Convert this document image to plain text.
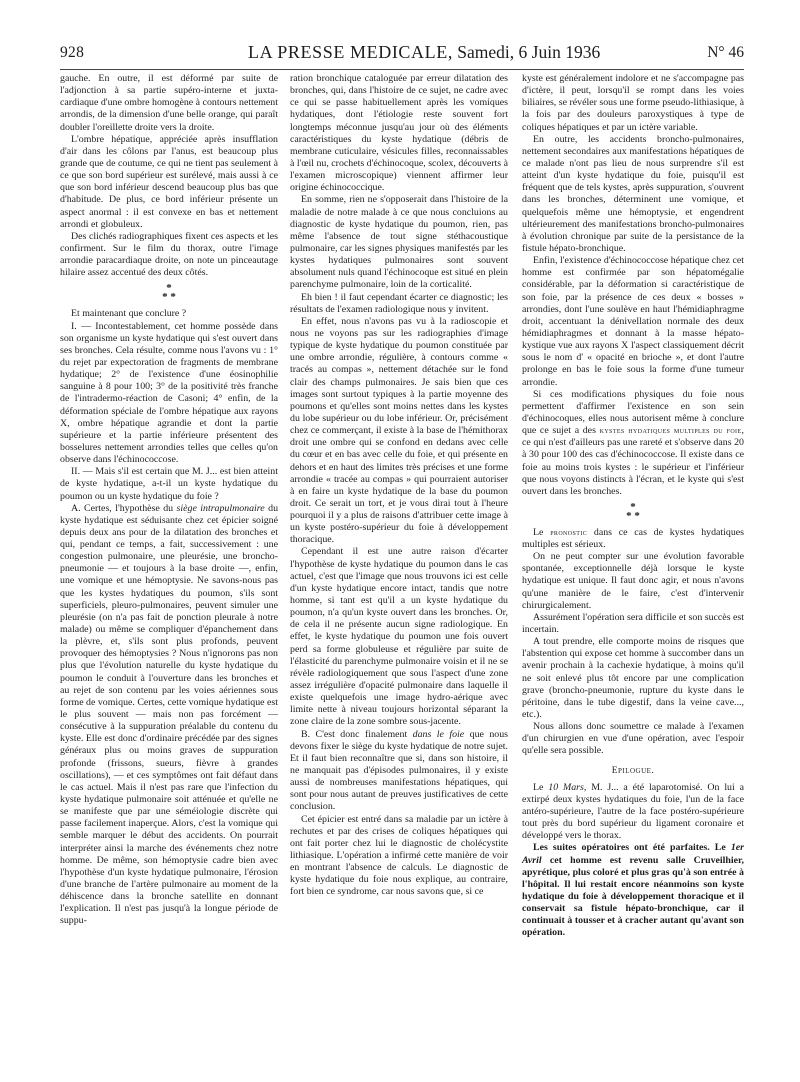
928	LA PRESSE MEDICALE, Samedi, 6 Juin 1936	N° 46

gauche. En outre, il est déformé par suite de l'adjonction à sa partie supéro-interne et juxta-cardiaque d'une ombre homogène à contours nettement arrondis, de la dimension d'une belle orange, qui paraît doubler l'oreillette droite vers la droite.

L'ombre hépatique, appréciée après insufflation d'air dans les côlons par l'anus, est beaucoup plus grande que de coutume, ce qui ne tient pas seulement à ce que son bord supérieur est surélevé, mais aussi à ce que son bord inférieur descend beaucoup plus bas que d'habitude. De plus, ce bord inférieur présente un aspect anormal : il est convexe en bas et nettement arrondi et globuleux.

Des clichés radiographiques fixent ces aspects et les confirment. Sur le film du thorax, outre l'image arrondie paracardiaque droite, on note un pinceautage hilaire assez accentué des deux côtés.

*
* *

Et maintenant que conclure ?

I. — Incontestablement, cet homme possède dans son organisme un kyste hydatique qui s'est ouvert dans ses bronches. Cela résulte, comme nous l'avons vu : 1° du rejet par expectoration de fragments de membrane hydatique; 2° de l'existence d'une éosinophilie sanguine à 8 pour 100; 3° de la positivité très franche de l'intradermo-réaction de Casoni; 4° enfin, de la déformation spéciale de l'ombre hépatique aux rayons X, ombre hépatique agrandie et dont la partie supérieure et la partie inférieure présentent des bosselures nettement arrondies telles que celles qu'on observe dans l'échinococcose.

II. — Mais s'il est certain que M. J... est bien atteint de kyste hydatique, a-t-il un kyste hydatique du poumon ou un kyste hydatique du foie ?

A. Certes, l'hypothèse du siège intrapulmonaire du kyste hydatique est séduisante chez cet épicier soigné depuis deux ans pour de la dilatation des bronches et qui, pendant ce temps, a fait, successivement : une congestion pulmonaire, une pleurésie, une broncho-pneumonie — et toujours à la base droite —, enfin, une vomique et une hémoptysie. Ne savons-nous pas que les kystes hydatiques du poumon, s'ils sont superficiels, pleuro-pulmonaires, peuvent simuler une pleurésie (on n'a pas fait de ponction pleurale à notre malade) ou même se compliquer d'épanchement dans la plèvre, et, s'ils sont plus profonds, peuvent provoquer des hémoptysies ? Nous n'ignorons pas non plus que l'évolution naturelle du kyste hydatique du poumon le conduit à l'ouverture dans les bronches et au rejet de son contenu par les voies aériennes sous forme de vomique. Certes, cette vomique hydatique est le plus souvent — mais non pas forcément — consécutive à la suppuration préalable du contenu du kyste. Elle est donc d'ordinaire précédée par des signes généraux plus ou moins graves de suppuration profonde (frissons, sueurs, fièvre à grandes oscillations), — et ces symptômes ont fait défaut dans le cas actuel. Mais il n'est pas rare que l'infection du kyste hydatique pulmonaire soit atténuée et qu'elle ne se manifeste que par une séméiologie discrète qui passe facilement inaperçue. Alors, c'est la vomique qui semble marquer le début des accidents. On pourrait interpréter ainsi la marche des événements chez notre homme. De même, son hémoptysie cadre bien avec l'hypothèse d'un kyste hydatique pulmonaire, l'érosion d'une branche de l'artère pulmonaire au moment de la déhiscence dans la bronche satellite en donnant l'explication. Il n'est pas jusqu'à la longue période de suppu-

ration bronchique cataloguée par erreur dilatation des bronches, qui, dans l'histoire de ce sujet, ne cadre avec ce qui se passe habituellement après les vomiques hydatiques, dont l'étiologie reste souvent fort longtemps méconnue jusqu'au jour où des éléments caractéristiques du kyste hydatique (débris de membrane cuticulaire, vésicules filles, reconnaissables à l'œil nu, crochets d'échinocoque, scolex, découverts à l'examen microscopique) viennent affirmer leur origine échinococcique.

En somme, rien ne s'opposerait dans l'histoire de la maladie de notre malade à ce que nous concluions au diagnostic de kyste hydatique du poumon, rien, pas même l'absence de tout signe stéthacoustique pulmonaire, car les signes physiques manifestés par les kystes hydatiques pulmonaires sont souvent absolument nuls quand l'échinocoque est situé en plein parenchyme pulmonaire, loin de la corticalité.

Eh bien ! il faut cependant écarter ce diagnostic; les résultats de l'examen radiologique nous y invitent.

En effet, nous n'avons pas vu à la radioscopie et nous ne voyons pas sur les radiographies d'image typique de kyste hydatique du poumon constituée par une ombre arrondie, régulière, à contours comme « tracés au compas », nettement détachée sur le fond clair des champs pulmonaires. Je sais bien que ces images sont surtout typiques à la partie moyenne des poumons et qu'elles sont moins nettes dans les kystes du lobe supérieur ou du lobe inférieur. Or, précisément chez ce commerçant, il existe à la base de l'hémithorax droit une ombre qui se confond en dedans avec celle du cœur et en bas avec celle du foie, et qui présente en dehors et en haut des limites très précises et une forme arrondie « tracée au compas » qui pourraient autoriser à en faire un kyste hydatique de la base du poumon droit. Ce serait un tort, et je vous dirai tout à l'heure pourquoi il y a plus de raisons d'attribuer cette image à un kyste postéro-supérieur du foie à développement thoracique.

Cependant il est une autre raison d'écarter l'hypothèse de kyste hydatique du poumon dans le cas actuel, c'est que l'image que nous trouvons ici est celle d'un kyste hydatique encore intact, tandis que notre homme, si tant est qu'il a un kyste hydatique du poumon, n'a qu'un kyste ouvert dans les bronches. Or, de cela il ne présente aucun signe radiologique. En effet, le kyste hydatique du poumon une fois ouvert perd sa forme globuleuse et régulière par suite de l'élasticité du parenchyme pulmonaire voisin et il ne se révèle radiologiquement que sous l'aspect d'une zone assez irrégulière d'opacité pulmonaire dans laquelle il existe quelquefois une image hydro-aérique avec limite nette à niveau toujours horizontal séparant la zone claire de la zone sombre sous-jacente.

B. C'est donc finalement dans le foie que nous devons fixer le siège du kyste hydatique de notre sujet. Et il faut bien reconnaître que si, dans son histoire, il ne manquait pas d'épisodes pulmonaires, il y existe aussi de nombreuses manifestations hépatiques, qui sont pour nous autant de preuves justificatives de cette conclusion.

Cet épicier est entré dans sa maladie par un ictère à rechutes et par des crises de coliques hépatiques qui ont fait porter chez lui le diagnostic de cholécystite lithiasique. L'opération a infirmé cette manière de voir en montrant l'absence de calculs. Le diagnostic de kyste hydatique du foie nous explique, au contraire, fort bien ce syndrome, car nous savons que, si ce

kyste est généralement indolore et ne s'accompagne pas d'ictère, il peut, lorsqu'il se rompt dans les voies biliaires, se révéler sous une forme pseudo-lithiasique, à la fois par des douleurs paroxystiques à type de coliques hépatiques et par un ictère variable.

En outre, les accidents broncho-pulmonaires, nettement secondaires aux manifestations hépatiques de ce malade n'ont pas lieu de nous surprendre s'il est atteint d'un kyste hydatique du foie, puisqu'il est fréquent que de tels kystes, après suppuration, s'ouvrent dans les bronches, déterminent une vomique, et quelquefois même une hémoptysie, et engendrent ultérieurement des manifestations broncho-pulmonaires à évolution chronique par suite de la persistance de la fistule hépato-bronchique.

Enfin, l'existence d'échinococcose hépatique chez cet homme est confirmée par son hépatomégalie considérable, par la déformation si caractéristique de son foie, par la présence de ces deux « bosses » arrondies, dont l'une soulève en haut l'hémidiaphragme droit, accentuant la dénivellation normale des deux hémidiaphragmes et donnant à la masse hépato-kystique vue aux rayons X l'aspect classiquement décrit sous le nom d' « opacité en brioche », et dont l'autre prolonge en bas le foie sous la forme d'une tumeur arrondie.

Si ces modifications physiques du foie nous permettent d'affirmer l'existence en son sein d'échinocoques, elles nous autorisent même à conclure que ce sujet a des kystes hydatiques multiples du foie, ce qui n'est d'ailleurs pas une rareté et s'observe dans 20 à 30 pour 100 des cas d'échinococcose. Il existe dans ce foie au moins trois kystes : le supérieur et l'inférieur que nous voyons distincts à l'écran, et le kyste qui s'est ouvert dans les bronches.

*
* *

Le pronostic dans ce cas de kystes hydatiques multiples est sérieux.

On ne peut compter sur une évolution favorable spontanée, exceptionnelle déjà lorsque le kyste hydatique est unique. Il faut donc agir, et nous n'avons qu'une manière de le faire, c'est d'intervenir chirurgicalement.

Assurément l'opération sera difficile et son succès est incertain.

A tout prendre, elle comporte moins de risques que l'abstention qui expose cet homme à succomber dans un avenir prochain à la cachexie hydatique, à moins qu'il ne soit enlevé plus tôt encore par une complication grave (broncho-pneumonie, rupture du kyste dans le péritoine, dans le tube digestif, dans la veine cave..., etc.).

Nous allons donc soumettre ce malade à l'examen d'un chirurgien en vue d'une opération, avec l'espoir qu'elle sera possible.

Epilogue.

Le 10 Mars, M. J... a été laparotomisé. On lui a extirpé deux kystes hydatiques du foie, l'un de la face antéro-supérieure, l'autre de la face postéro-supérieure tout près du bord supérieur du ligament coronaire et développé vers le thorax.

Les suites opératoires ont été parfaites. Le 1er Avril cet homme est revenu salle Cruveilhier, apyrétique, plus coloré et plus gras qu'à son entrée à l'hôpital. Il lui restait encore néanmoins son kyste hydatique du foie à développement thoracique et il conservait sa fistule hépato-bronchique, car il continuait à tousser et à cracher autant qu'avant son opération.
